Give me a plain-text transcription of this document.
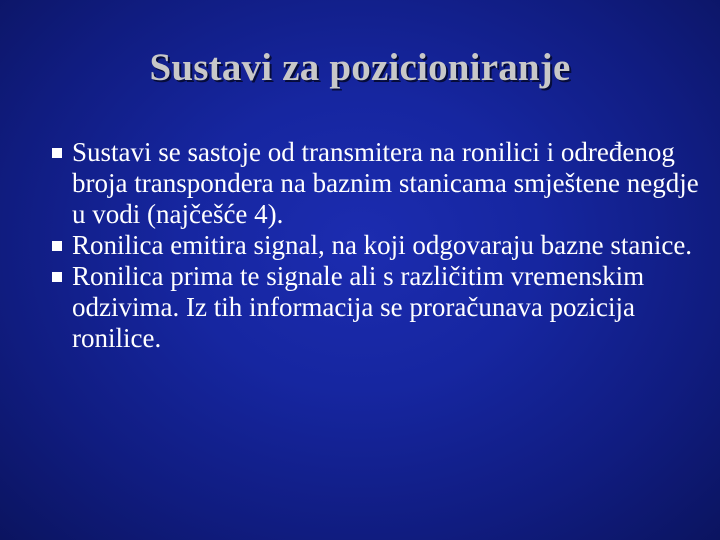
Sustavi za pozicioniranje
Sustavi se sastoje od transmitera na ronilici i određenog broja transpondera na baznim stanicama smještene negdje u vodi (najčešće 4).
Ronilica emitira signal, na koji odgovaraju bazne stanice.
Ronilica prima te signale ali s različitim vremenskim odzivima. Iz tih informacija se proračunava pozicija ronilice.
